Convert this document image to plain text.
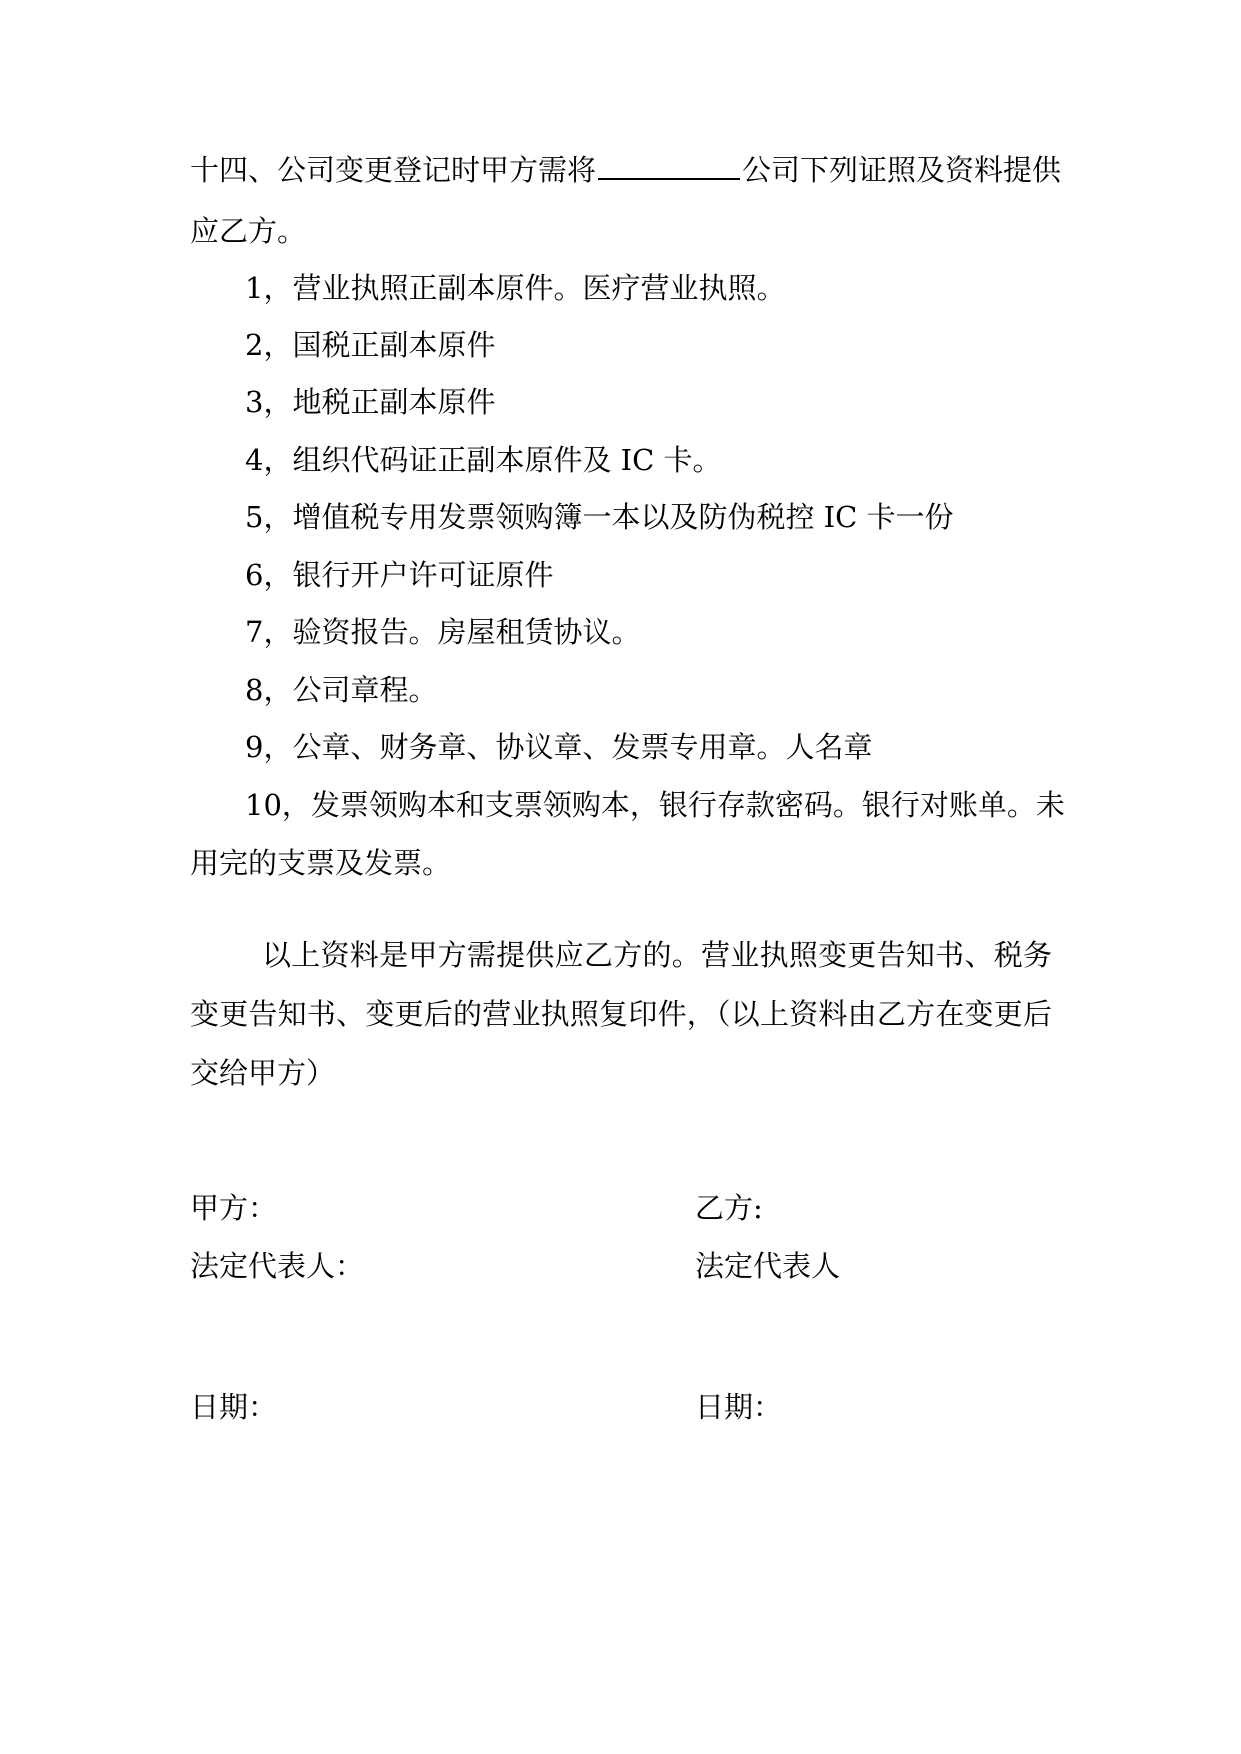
十四、公司变更登记时甲方需将	公司下列证照及资料提供
应乙方。
1，营业执照正副本原件。医疗营业执照。
2，国税正副本原件
3，地税正副本原件
4，组织代码证正副本原件及 IC 卡。
5，增值税专用发票领购簿一本以及防伪税控 IC 卡一份
6，银行开户许可证原件
7，验资报告。房屋租赁协议。
8，公司章程。
9，公章、财务章、协议章、发票专用章。人名章
10，发票领购本和支票领购本，银行存款密码。银行对账单。未
用完的支票及发票。
以上资料是甲方需提供应乙方的。营业执照变更告知书、税务
变更告知书、变更后的营业执照复印件，（以上资料由乙方在变更后
交给甲方）
甲方：	乙方:
法定代表人：	法定代表人
日期：	日期：
